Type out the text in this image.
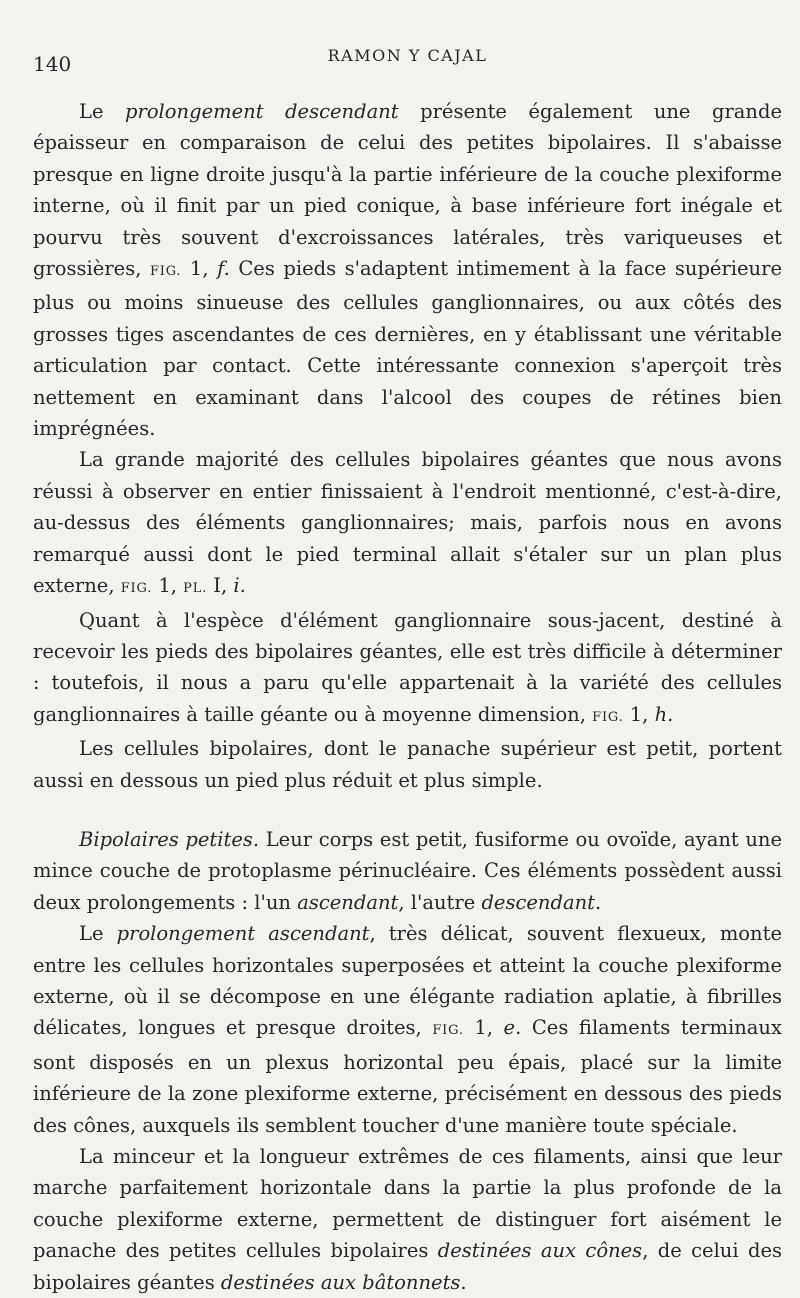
140	RAMON Y CAJAL

Le prolongement descendant présente également une grande épaisseur en comparaison de celui des petites bipolaires. Il s'abaisse presque en ligne droite jusqu'à la partie inférieure de la couche plexiforme interne, où il finit par un pied conique, à base inférieure fort inégale et pourvu très souvent d'excroissances latérales, très variqueuses et grossières, FIG. 1, f. Ces pieds s'adaptent intimement à la face supérieure plus ou moins sinueuse des cellules ganglionnaires, ou aux côtés des grosses tiges ascendantes de ces dernières, en y établissant une véritable articulation par contact. Cette intéressante connexion s'aperçoit très nettement en examinant dans l'alcool des coupes de rétines bien imprégnées.

La grande majorité des cellules bipolaires géantes que nous avons réussi à observer en entier finissaient à l'endroit mentionné, c'est-à-dire, au-dessus des éléments ganglionnaires; mais, parfois nous en avons remarqué aussi dont le pied terminal allait s'étaler sur un plan plus externe, FIG. 1, PL. I, i.

Quant à l'espèce d'élément ganglionnaire sous-jacent, destiné à recevoir les pieds des bipolaires géantes, elle est très difficile à déterminer : toutefois, il nous a paru qu'elle appartenait à la variété des cellules ganglionnaires à taille géante ou à moyenne dimension, FIG. 1, h.

Les cellules bipolaires, dont le panache supérieur est petit, portent aussi en dessous un pied plus réduit et plus simple.

Bipolaires petites. Leur corps est petit, fusiforme ou ovoïde, ayant une mince couche de protoplasme périnucléaire. Ces éléments possèdent aussi deux prolongements : l'un ascendant, l'autre descendant.

Le prolongement ascendant, très délicat, souvent flexueux, monte entre les cellules horizontales superposées et atteint la couche plexiforme externe, où il se décompose en une élégante radiation aplatie, à fibrilles délicates, longues et presque droites, FIG. 1, e. Ces filaments terminaux sont disposés en un plexus horizontal peu épais, placé sur la limite inférieure de la zone plexiforme externe, précisément en dessous des pieds des cônes, auxquels ils semblent toucher d'une manière toute spéciale.

La minceur et la longueur extrêmes de ces filaments, ainsi que leur marche parfaitement horizontale dans la partie la plus profonde de la couche plexiforme externe, permettent de distinguer fort aisément le panache des petites cellules bipolaires destinées aux cônes, de celui des bipolaires géantes destinées aux bâtonnets.
